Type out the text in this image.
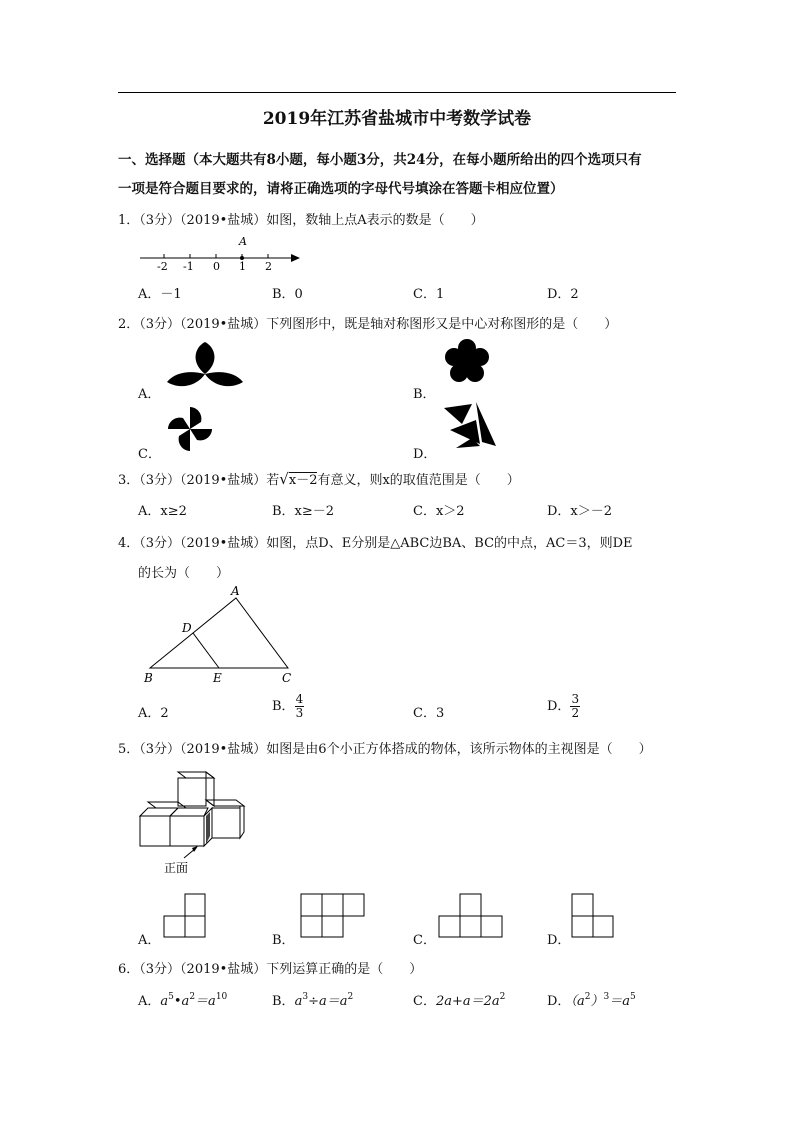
2019年江苏省盐城市中考数学试卷
一、选择题（本大题共有8小题，每小题3分，共24分，在每小题所给出的四个选项只有
一项是符合题目要求的，请将正确选项的字母代号填涂在答题卡相应位置）
1．（3分）（2019•盐城）如图，数轴上点A表示的数是（　　）
A
-2 -1 0 1 2
A．－1	B．0	C．1	D．2
2．（3分）（2019•盐城）下列图形中，既是轴对称图形又是中心对称图形的是（　　）
A．	B．
C．	D．
3．（3分）（2019•盐城）若√x－2有意义，则x的取值范围是（　　）
A．x≥2	B．x≥－2	C．x＞2	D．x＞－2
4．（3分）（2019•盐城）如图，点D、E分别是△ABC边BA、BC的中点，AC＝3，则DE
的长为（　　）
A
D
B	E	C
A．2	B． $\frac{4}{3}$	C．3	D． $\frac{3}{2}$
5．（3分）（2019•盐城）如图是由6个小正方体搭成的物体，该所示物体的主视图是（　　）
正面
A．	B．	C．	D．
6．（3分）（2019•盐城）下列运算正确的是（　　）
A．$a^5•a^2=a^{10}$	B．$a^3\div a=a^2$	C．$2a+a=2a^2$	D．$(a^2)^3=a^5$
